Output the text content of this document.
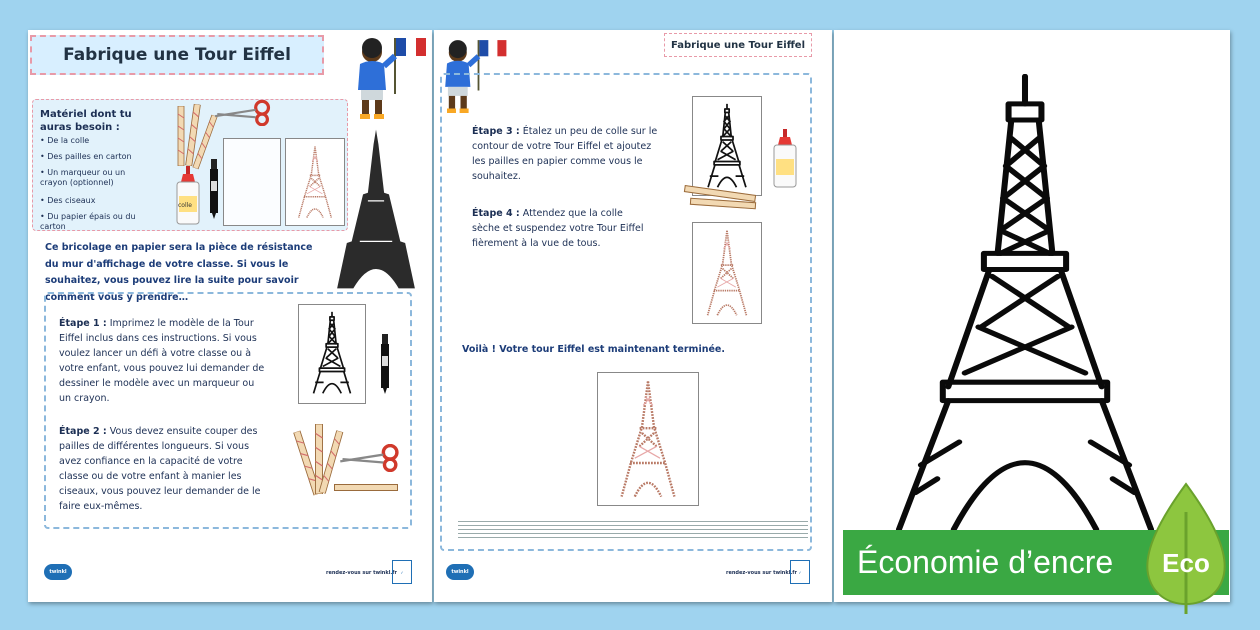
Fabrique une Tour Eiffel
Matériel dont tu auras besoin :
• De la colle
• Des pailles en carton
• Un marqueur ou un crayon (optionnel)
• Des ciseaux
• Du papier épais ou du carton
colle
Ce bricolage en papier sera la pièce de résistance du mur d'affichage de votre classe. Si vous le souhaitez, vous pouvez lire la suite pour savoir comment vous y prendre…
Étape 1 : Imprimez le modèle de la Tour Eiffel inclus dans ces instructions. Si vous voulez lancer un défi à votre classe ou à votre enfant, vous pouvez lui demander de dessiner le modèle avec un marqueur ou un crayon.
Étape 2 : Vous devez ensuite couper des pailles de différentes longueurs. Si vous avez confiance en la capacité de votre classe ou de votre enfant à manier les ciseaux, vous pouvez leur demander de le faire eux-mêmes.
twinkl	rendez-vous sur twinkl.fr ✓
Fabrique une Tour Eiffel
Étape 3 : Étalez un peu de colle sur le contour de votre Tour Eiffel et ajoutez les pailles en papier comme vous le souhaitez.
Étape 4 : Attendez que la colle sèche et suspendez votre Tour Eiffel fièrement à la vue de tous.
Voilà ! Votre tour Eiffel est maintenant terminée.
twinkl	rendez-vous sur twinkl.fr ✓ Économie d’encre	Eco
